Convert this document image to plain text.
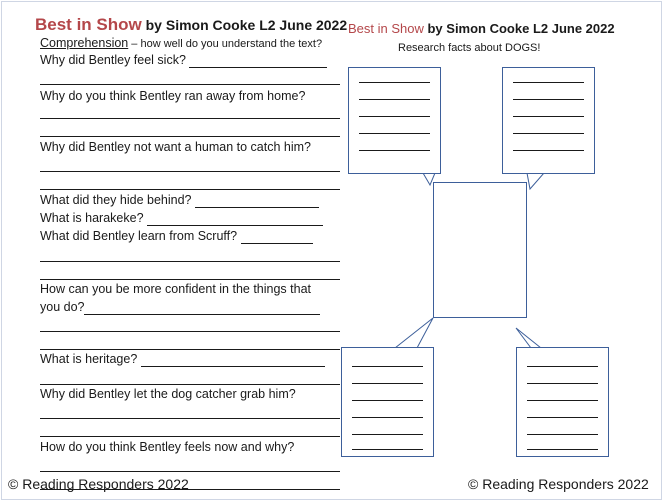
Best in Show by Simon Cooke L2 June 2022
Comprehension – how well do you understand the text?
Why did Bentley feel sick?
Why do you think Bentley ran away from home?
Why did Bentley not want a human to catch him?
What did they hide behind?
What is harakeke?
What did Bentley learn from Scruff?
How can you be more confident in the things that
you do?
What is heritage?
Why did Bentley let the dog catcher grab him?
How do you think Bentley feels now and why?
© Reading Responders 2022
Best in Show by Simon Cooke L2 June 2022
Research facts about DOGS!
© Reading Responders 2022
